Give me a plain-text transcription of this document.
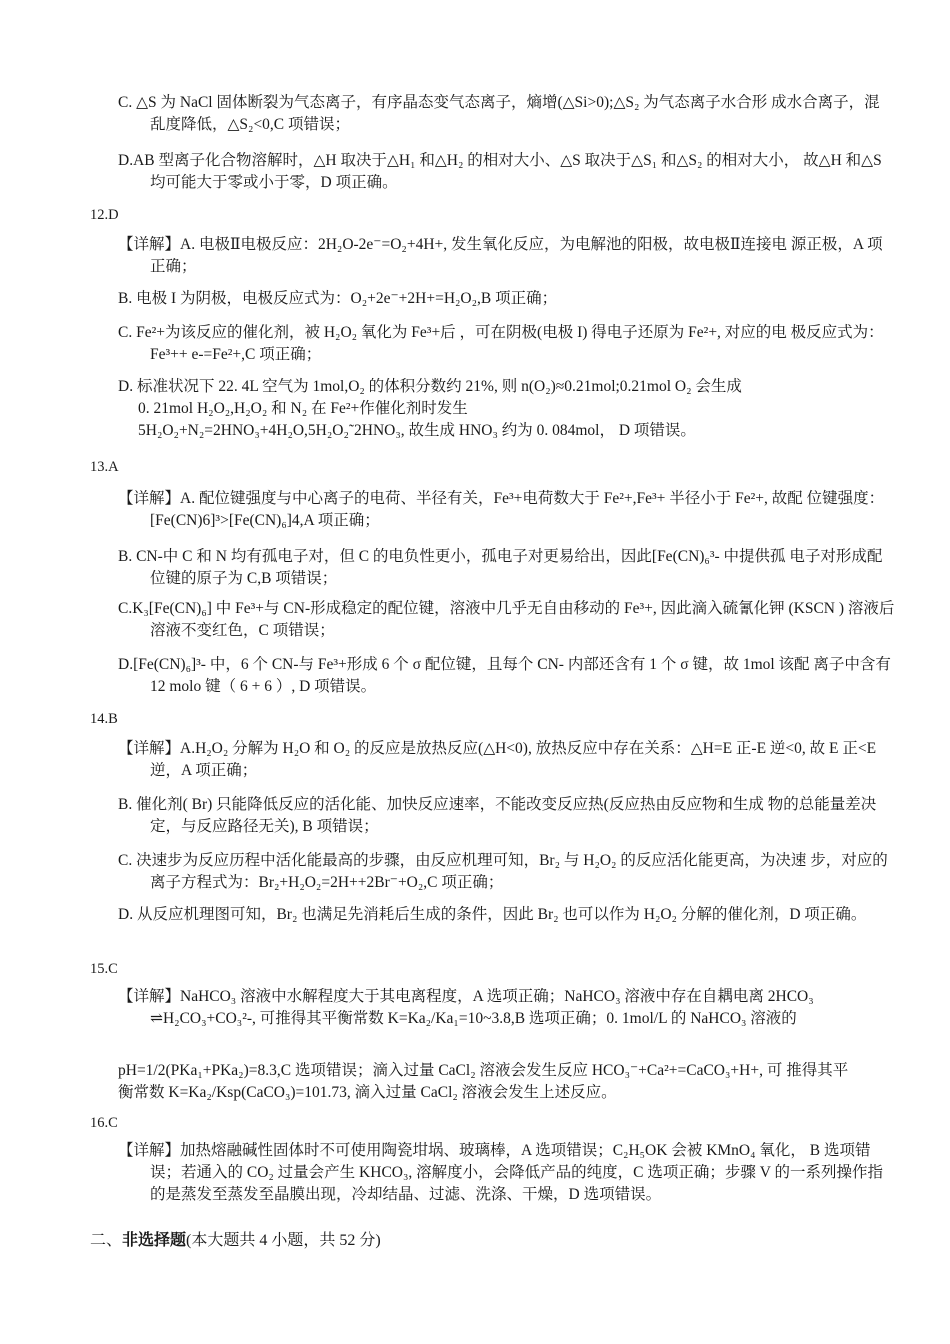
C. △S 为 NaCl 固体断裂为气态离子，有序晶态变气态离子，熵增(△Si>0);△S₂ 为气态离子水合形 成水合离子，混乱度降低，△S₂<0,C 项错误；

D.AB 型离子化合物溶解时，△H 取决于△H₁ 和△H₂ 的相对大小、△S 取决于△S₁ 和△S₂ 的相对大小， 故△H 和△S 均可能大于零或小于零，D 项正确。

12.D

【详解】A. 电极Ⅱ电极反应：2H₂O-2e⁻=O₂+4H+, 发生氧化反应，为电解池的阳极，故电极Ⅱ连接电 源正极，A 项正确；

B. 电极 I 为阴极，电极反应式为：O₂+2e⁻+2H+=H₂O₂,B 项正确；

C. Fe²+为该反应的催化剂，被 H₂O₂ 氧化为 Fe³+后 ，可在阴极(电极 I) 得电子还原为 Fe²+, 对应的电 极反应式为：Fe³++ e-=Fe²+,C 项正确；

D. 标准状况下 22. 4L 空气为 1mol,O₂ 的体积分数约 21%, 则 n(O₂)≈0.21mol;0.21mol O₂ 会生成

0. 21mol H₂O₂,H₂O₂ 和 N₂ 在 Fe²+作催化剂时发生

5H₂O₂+N₂=2HNO₃+4H₂O,5H₂O₂˜2HNO₃, 故生成 HNO₃ 约为 0. 084mol， D 项错误。

13.A

【详解】A. 配位键强度与中心离子的电荷、半径有关，Fe³+电荷数大于 Fe²+,Fe³+ 半径小于 Fe²+, 故配 位键强度：[Fe(CN)6]³>[Fe(CN)₆]4,A 项正确；

B. CN-中 C 和 N 均有孤电子对，但 C 的电负性更小，孤电子对更易给出，因此[Fe(CN)₆³- 中提供孤 电子对形成配位键的原子为 C,B 项错误；

C.K₃[Fe(CN)₆] 中 Fe³+与 CN-形成稳定的配位键，溶液中几乎无自由移动的 Fe³+, 因此滴入硫氰化钾 (KSCN ) 溶液后溶液不变红色，C 项错误；

D.[Fe(CN)₆]³- 中，6 个 CN-与 Fe³+形成 6 个 σ 配位键，且每个 CN- 内部还含有 1 个 σ 键，故 1mol 该配 离子中含有 12 molo 键（ 6 + 6 ）, D 项错误。

14.B

【详解】A.H₂O₂ 分解为 H₂O 和 O₂ 的反应是放热反应(△H<0), 放热反应中存在关系：△H=E 正-E 逆<0, 故 E 正<E 逆，A 项正确；

B. 催化剂( Br) 只能降低反应的活化能、加快反应速率，不能改变反应热(反应热由反应物和生成 物的总能量差决定，与反应路径无关), B 项错误；

C. 决速步为反应历程中活化能最高的步骤，由反应机理可知，Br₂ 与 H₂O₂ 的反应活化能更高，为决速 步，对应的离子方程式为：Br₂+H₂O₂=2H++2Br⁻+O₂,C 项正确；

D. 从反应机理图可知，Br₂ 也满足先消耗后生成的条件，因此 Br₂ 也可以作为 H₂O₂ 分解的催化剂，D 项正确。

15.C

【详解】NaHCO₃ 溶液中水解程度大于其电离程度，A 选项正确；NaHCO₃ 溶液中存在自耦电离 2HCO₃ ⇌H₂CO₃+CO₃²-, 可推得其平衡常数 K=Ka₂/Ka₁=10~3.8,B 选项正确；0. 1mol/L 的 NaHCO₃ 溶液的

pH=1/2(PKa₁+PKa₂)=8.3,C 选项错误；滴入过量 CaCl₂ 溶液会发生反应 HCO₃⁻+Ca²+=CaCO₃+H+, 可 推得其平衡常数 K=Ka₂/Ksp(CaCO₃)=101.73, 滴入过量 CaCl₂ 溶液会发生上述反应。

16.C

【详解】加热熔融碱性固体时不可使用陶瓷坩埚、玻璃棒，A 选项错误；C₂H₅OK 会被 KMnO₄ 氧化， B 选项错误；若通入的 CO₂ 过量会产生 KHCO₃, 溶解度小，会降低产品的纯度，C 选项正确；步骤 V 的一系列操作指的是蒸发至蒸发至晶膜出现，冷却结晶、过滤、洗涤、干燥，D 选项错误。

二、非选择题(本大题共 4 小题，共 52 分)
